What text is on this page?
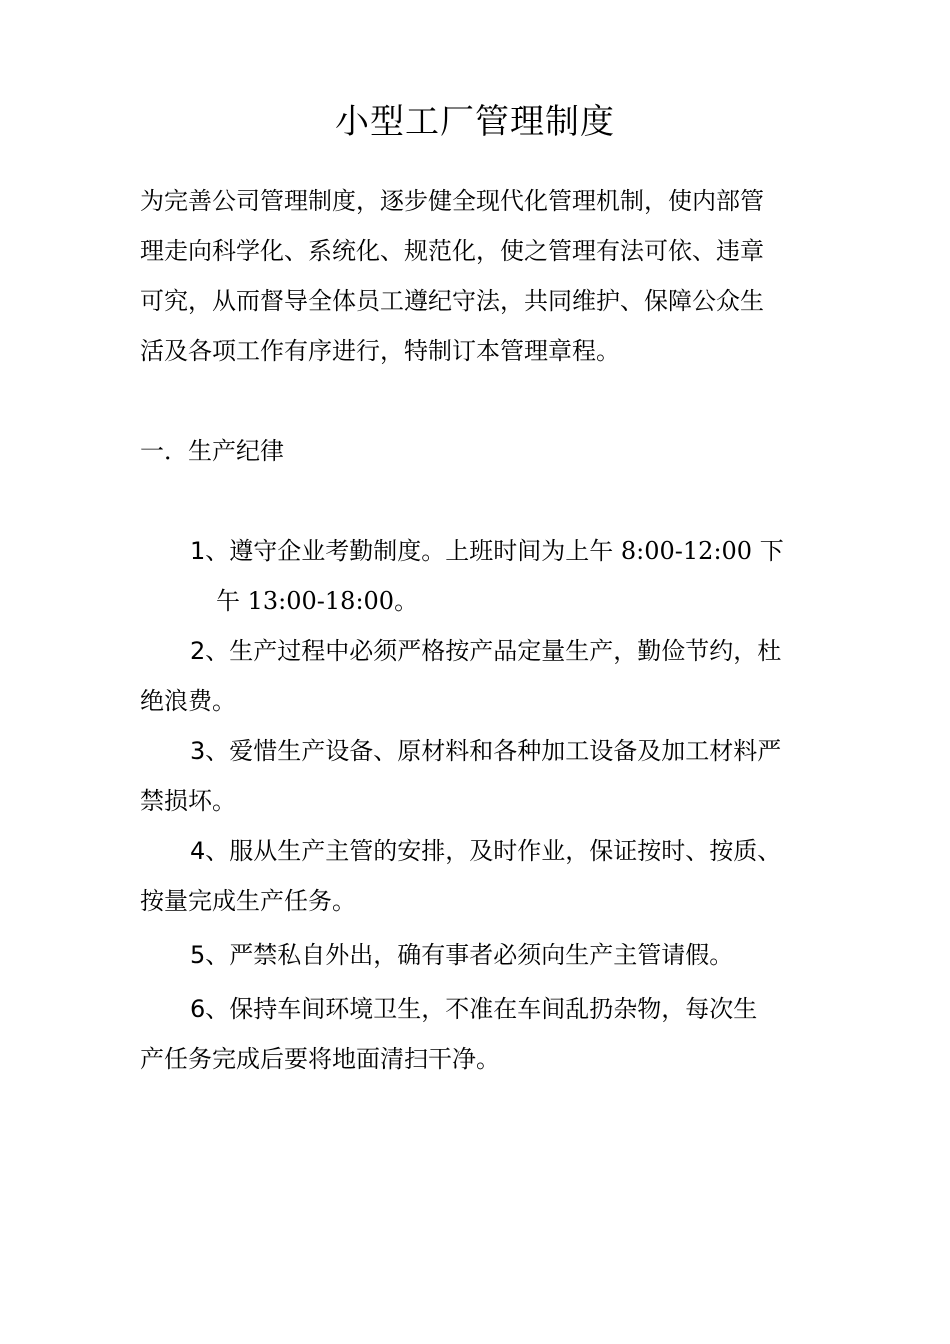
小型工厂管理制度
为完善公司管理制度，逐步健全现代化管理机制，使内部管
理走向科学化、系统化、规范化，使之管理有法可依、违章
可究，从而督导全体员工遵纪守法，共同维护、保障公众生
活及各项工作有序进行，特制订本管理章程。
一．生产纪律
1、遵守企业考勤制度。上班时间为上午 8:00-12:00 下
午 13:00-18:00。
2、生产过程中必须严格按产品定量生产，勤俭节约，杜
绝浪费。
3、爱惜生产设备、原材料和各种加工设备及加工材料严
禁损坏。
4、服从生产主管的安排，及时作业，保证按时、按质、
按量完成生产任务。
5、严禁私自外出，确有事者必须向生产主管请假。
6、保持车间环境卫生，不准在车间乱扔杂物，每次生
产任务完成后要将地面清扫干净。
